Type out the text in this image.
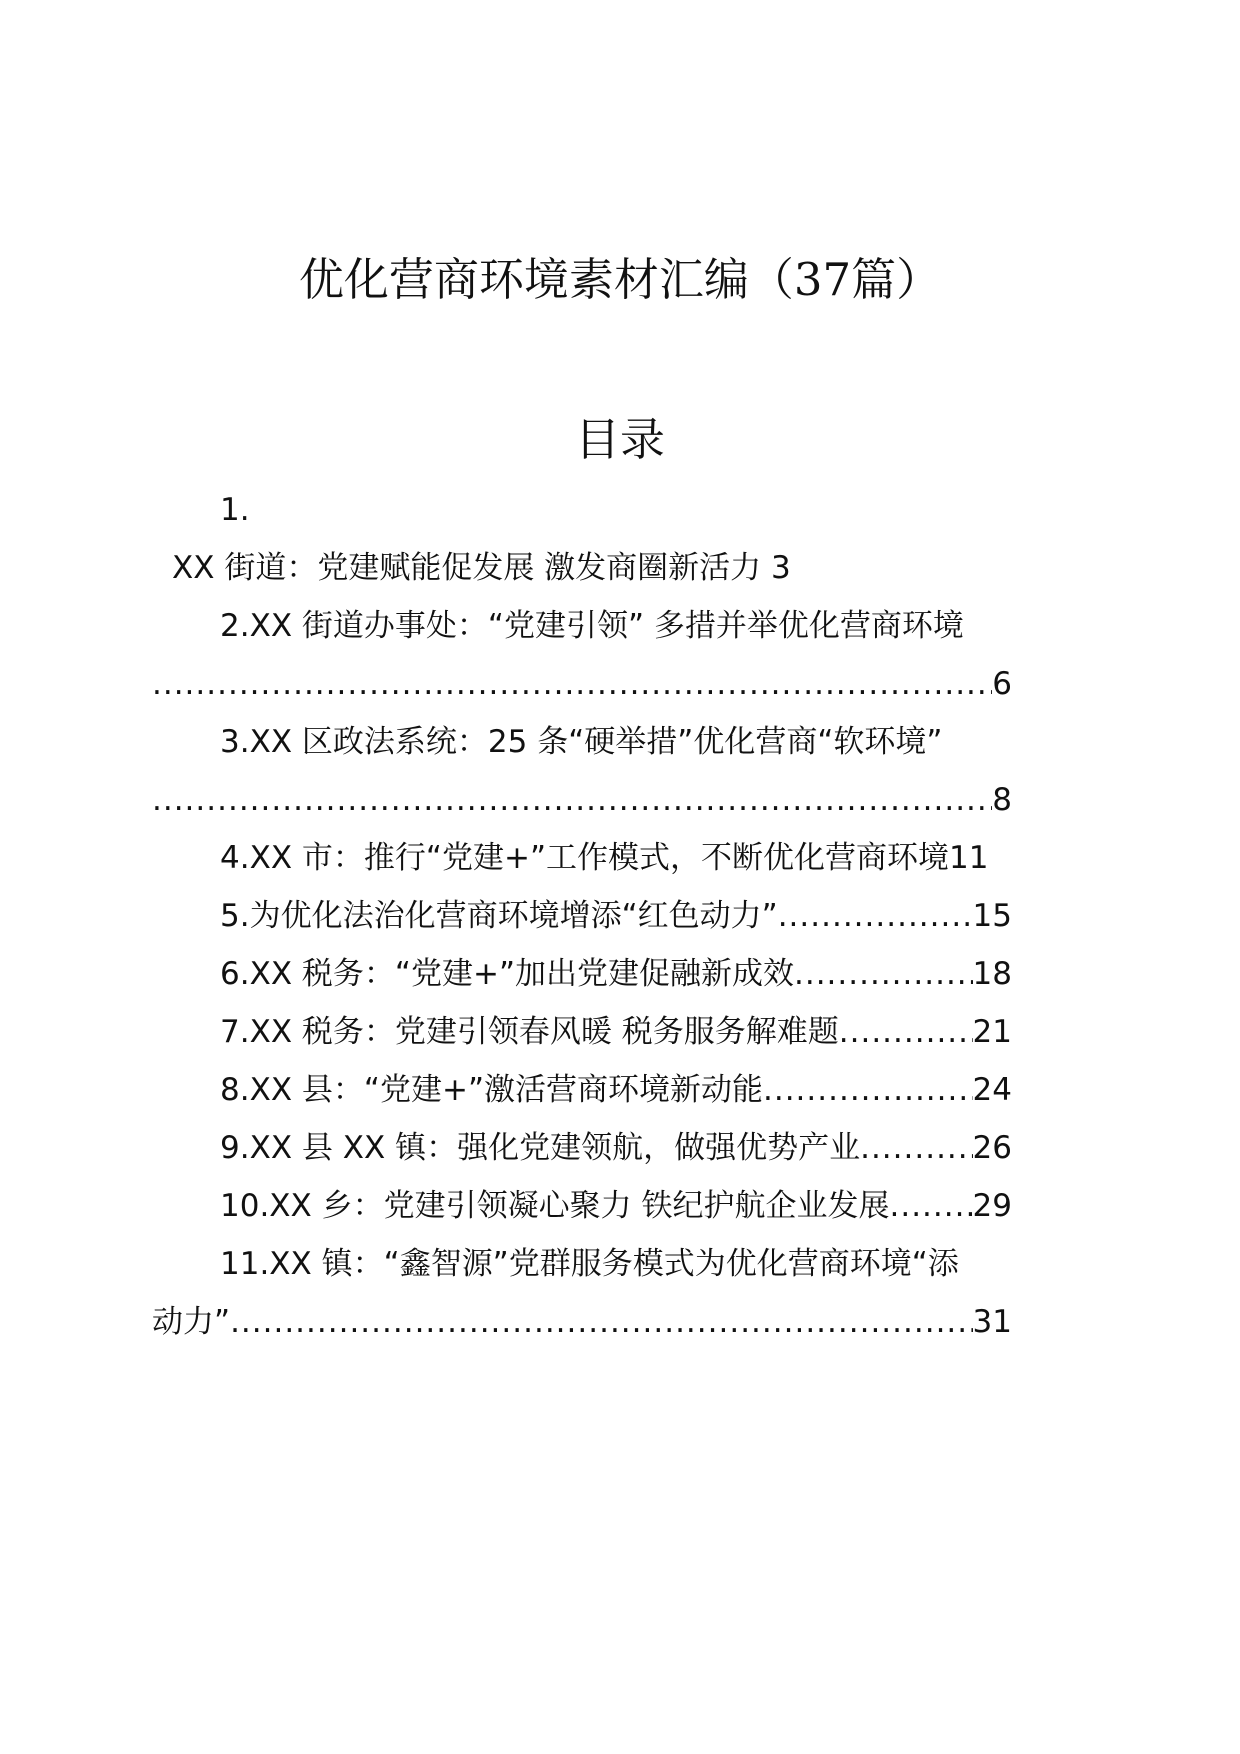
优化营商环境素材汇编（37篇）
目录
1.
XX 街道：党建赋能促发展 激发商圈新活力 3
2.XX 街道办事处：“党建引领” 多措并举优化营商环境
.....
6
3.XX 区政法系统：25 条“硬举措”优化营商“软环境”
.....
8
4.XX 市：推行“党建+”工作模式，不断优化营商环境11
5.为优化法治化营商环境增添“红色动力” .....	15
6.XX 税务：“党建+”加出党建促融新成效 .....	18
7.XX 税务：党建引领春风暖 税务服务解难题 .....	21
8.XX 县：“党建+”激活营商环境新动能 .....	24
9.XX 县 XX 镇：强化党建领航，做强优势产业 .....	26
10.XX 乡：党建引领凝心聚力 铁纪护航企业发展 .....	29
11.XX 镇：“鑫智源”党群服务模式为优化营商环境“添
动力” .....	31
